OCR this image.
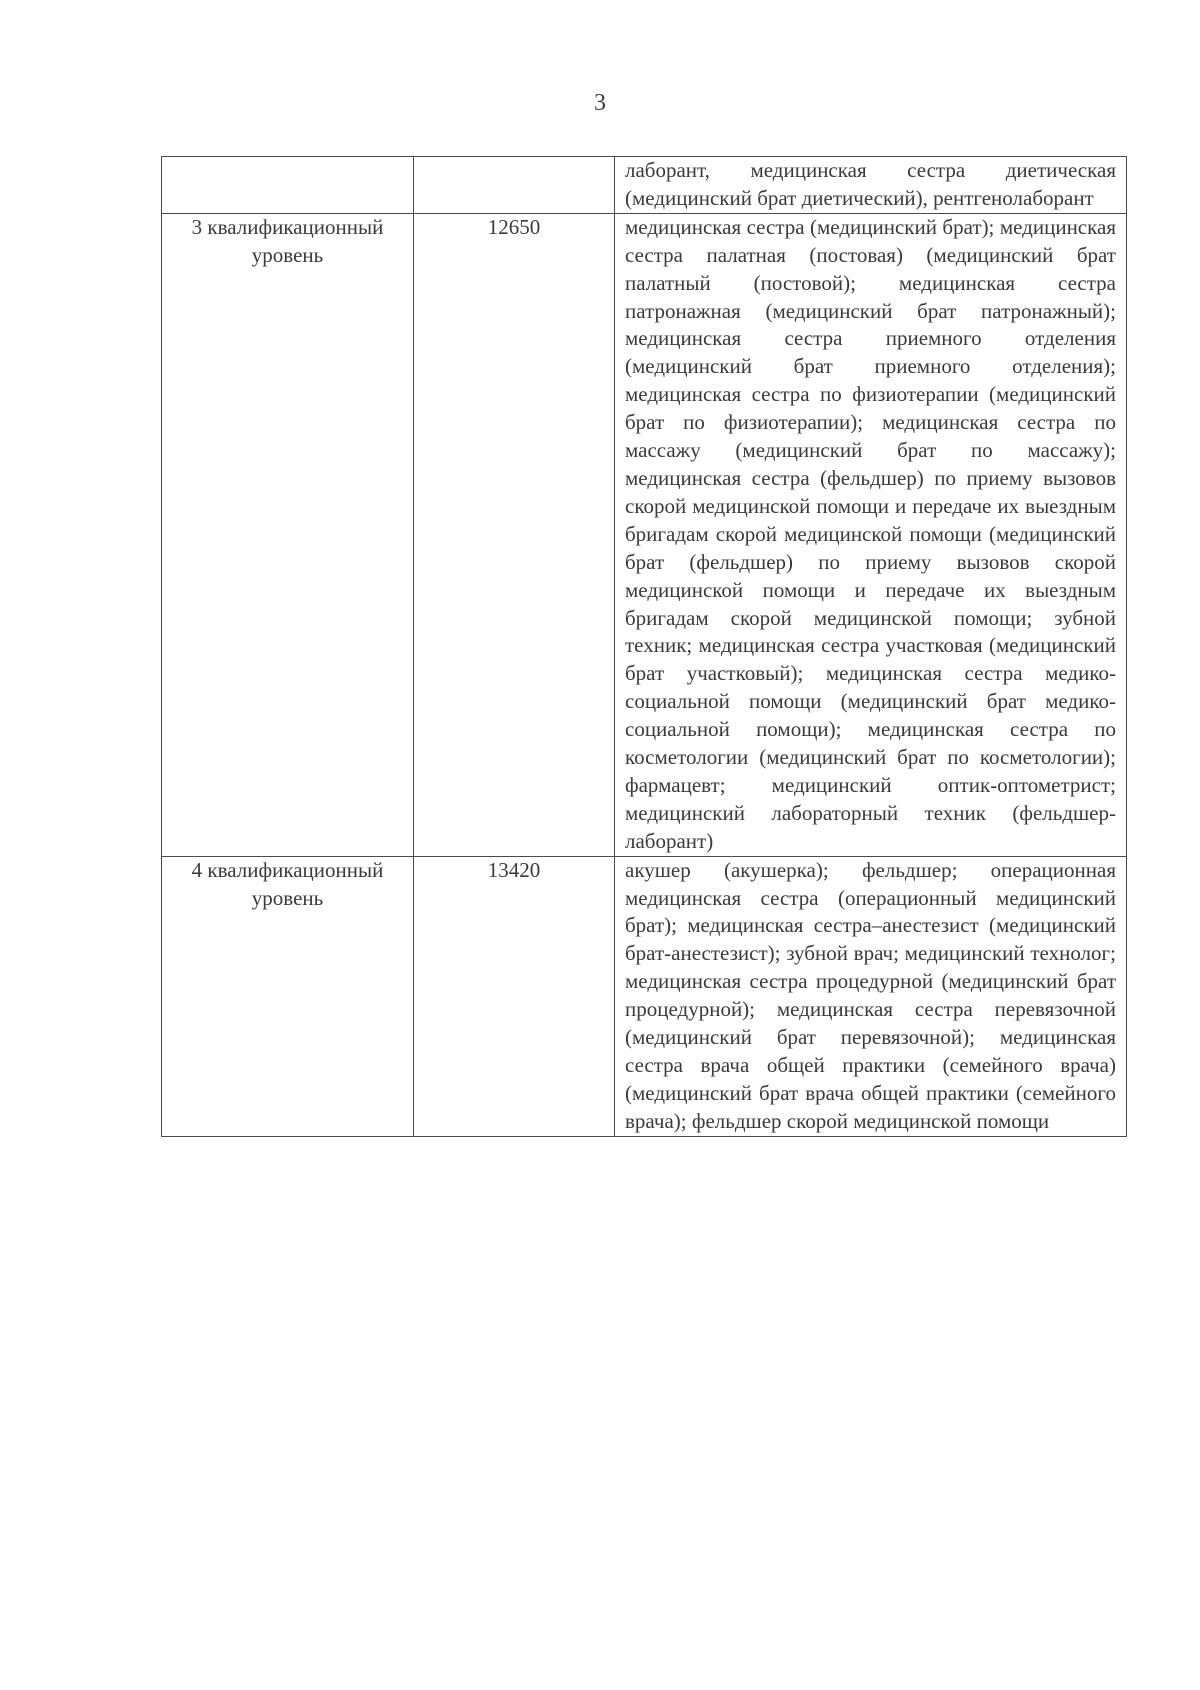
3
		лаборант, медицинская сестра диетическая (медицинский брат диетический), рентгенолаборант
3 квалификационный уровень	12650	медицинская сестра (медицинский брат); медицинская сестра палатная (постовая) (медицинский брат палатный (постовой); медицинская сестра патронажная (медицинский брат патронажный); медицинская сестра приемного отделения (медицинский брат приемного отделения); медицинская сестра по физиотерапии (медицинский брат по физиотерапии); медицинская сестра по массажу (медицинский брат по массажу); медицинская сестра (фельдшер) по приему вызовов скорой медицинской помощи и передаче их выездным бригадам скорой медицинской помощи (медицинский брат (фельдшер) по приему вызовов скорой медицинской помощи и передаче их выездным бригадам скорой медицинской помощи; зубной техник; медицинская сестра участковая (медицинский брат участковый); медицинская сестра медико-социальной помощи (медицинский брат медико-социальной помощи); медицинская сестра по косметологии (медицинский брат по косметологии); фармацевт; медицинский оптик-оптометрист; медицинский лабораторный техник (фельдшер-лаборант)
4 квалификационный уровень	13420	акушер (акушерка); фельдшер; операционная медицинская сестра (операционный медицинский брат); медицинская сестра–анестезист (медицинский брат-анестезист); зубной врач; медицинский технолог; медицинская сестра процедурной (медицинский брат процедурной); медицинская сестра перевязочной (медицинский брат перевязочной); медицинская сестра врача общей практики (семейного врача) (медицинский брат врача общей практики (семейного врача); фельдшер скорой медицинской помощи
